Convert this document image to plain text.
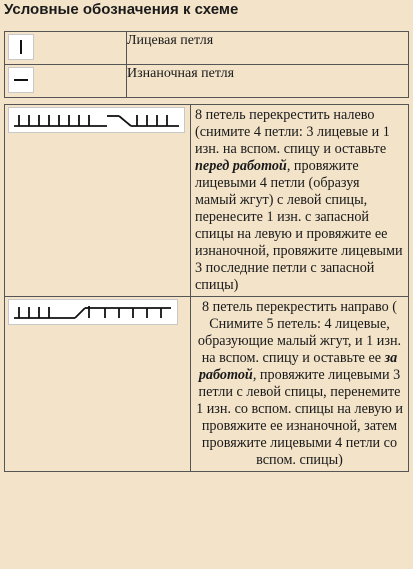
Условные обозначения к схеме
	Лицевая петля

	Изнаночная петля
	8 петель перекрестить налево (снимите 4 петли: 3 лицевые и 1 изн. на вспом. спицу и оставьте перед работой, провяжите лицевыми 4 петли (образуя мамый жгут) с левой спицы, перенесите 1 изн. с запасной спицы на левую и провяжите ее изнаночной, провяжите лицевыми 3 последние петли с запасной спицы)

	8 петель перекрестить направо ( Снимите 5 петель: 4 лицевые, образующие малый жгут, и 1 изн. на вспом. спицу и оставьте ее за работой, провяжите лицевыми 3 петли с левой спицы, перенемите 1 изн. со вспом. спицы на левую и провяжите ее изнаночной, затем провяжите лицевыми 4 петли со вспом. спицы)
